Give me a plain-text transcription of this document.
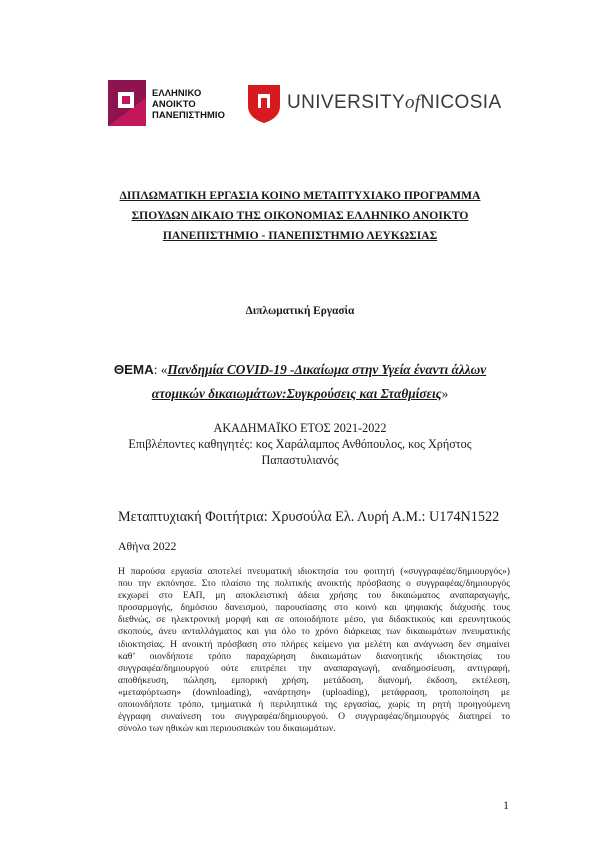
ΕΛΛΗΝΙΚΟ
ΑΝΟΙΚΤΟ
ΠΑΝΕΠΙΣΤΗΜΙΟ
UNIVERSITYofNICOSIA
ΔΙΠΛΩΜΑΤΙΚΗ ΕΡΓΑΣΙΑ ΚΟΙΝΟ ΜΕΤΑΠΤΥΧΙΑΚΟ ΠΡΟΓΡΑΜΜΑ
ΣΠΟΥΔΩΝ ΔΙΚΑΙΟ ΤΗΣ ΟΙΚΟΝΟΜΙΑΣ ΕΛΛΗΝΙΚΟ ΑΝΟΙΚΤΟ
ΠΑΝΕΠΙΣΤΗΜΙΟ - ΠΑΝΕΠΙΣΤΗΜΙΟ ΛΕΥΚΩΣΙΑΣ
Διπλωματική Εργασία
ΘΕΜΑ: «Πανδημία COVID-19 -Δικαίωμα στην Υγεία έναντι άλλων
ατομικών δικαιωμάτων:Συγκρούσεις και Σταθμίσεις»
ΑΚΑΔΗΜΑΪΚΟ ΕΤΟΣ 2021-2022
Επιβλέποντες καθηγητές: κος Χαράλαμπος Ανθόπουλος, κος Χρήστος
Παπαστυλιανός
Μεταπτυχιακή Φοιτήτρια: Χρυσούλα Ελ. Λυρή Α.Μ.: U174N1522
Αθήνα 2022
Η παρούσα εργασία αποτελεί πνευματική ιδιοκτησία του φοιτητή («συγγραφέας/δημιουργός»)
που την εκπόνησε. Στο πλαίσιο της πολιτικής ανοικτής πρόσβασης ο συγγραφέας/δημιουργός
εκχωρεί στο ΕΑΠ, μη αποκλειστική άδεια χρήσης του δικαιώματος αναπαραγωγής,
προσαρμογής, δημόσιου δανεισμού, παρουσίασης στο κοινό και ψηφιακής διάχυσής τους
διεθνώς, σε ηλεκτρονική μορφή και σε οποιοδήποτε μέσο, για διδακτικούς και ερευνητικούς
σκοπούς, άνευ ανταλλάγματος και για όλο το χρόνο διάρκειας των δικαιωμάτων πνευματικής
ιδιοκτησίας. Η ανοικτή πρόσβαση στο πλήρες κείμενο για μελέτη και ανάγνωση δεν σημαίνει
καθ’ οιονδήποτε τρόπο παραχώρηση δικαιωμάτων διανοητικής ιδιοκτησίας του
συγγραφέα/δημιουργού ούτε επιτρέπει την αναπαραγωγή, αναδημοσίευση, αντιγραφή,
αποθήκευση, πώληση, εμπορική χρήση, μετάδοση, διανομή, έκδοση, εκτέλεση,
«μεταφόρτωση» (downloading), «ανάρτηση» (uploading), μετάφραση, τροποποίηση με
οποιονδήποτε τρόπο, τμηματικά ή περιληπτικά της εργασίας, χωρίς τη ρητή προηγούμενη
έγγραφη συναίνεση του συγγραφέα/δημιουργού. Ο συγγραφέας/δημιουργός διατηρεί το
σύνολο των ηθικών και περιουσιακών του δικαιωμάτων.
1
